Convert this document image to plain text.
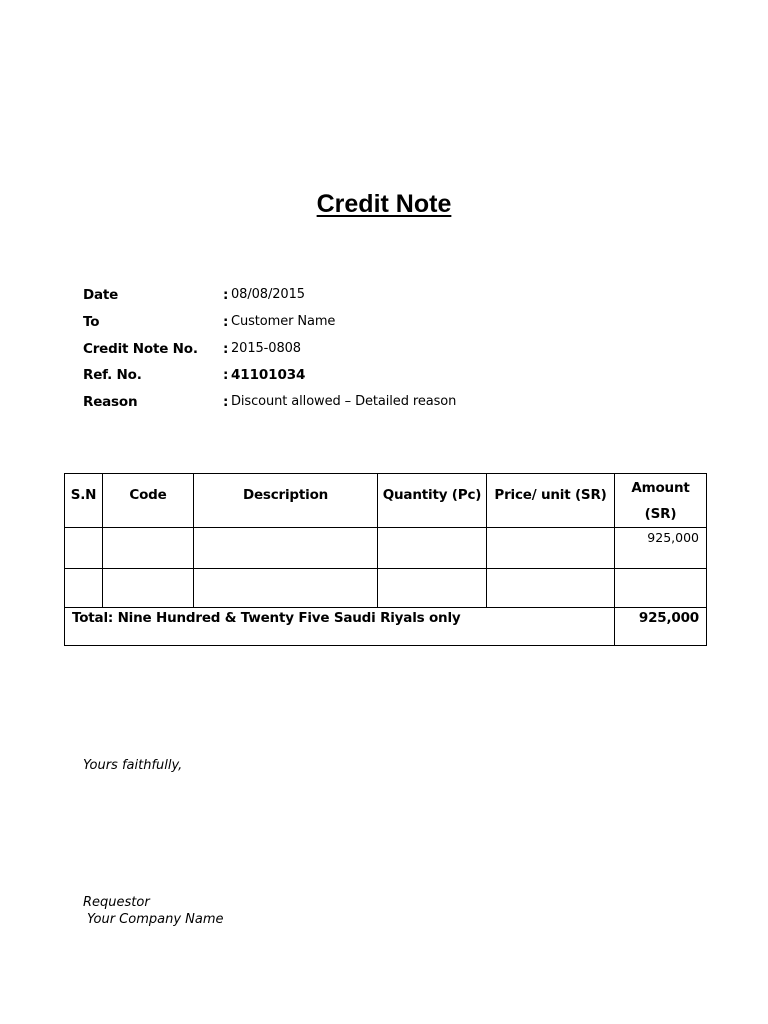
Credit Note
Date	: 08/08/2015
To	: Customer Name
Credit Note No. : 2015-0808
Ref. No.	: 41101034
Reason	: Discount allowed – Detailed reason
S.N	Code	Description	Quantity (Pc)	Price/ unit (SR)	Amount
(SR)
					925,000

Total: Nine Hundred & Twenty Five Saudi Riyals only					925,000
Yours faithfully,
Requestor
Your Company Name
